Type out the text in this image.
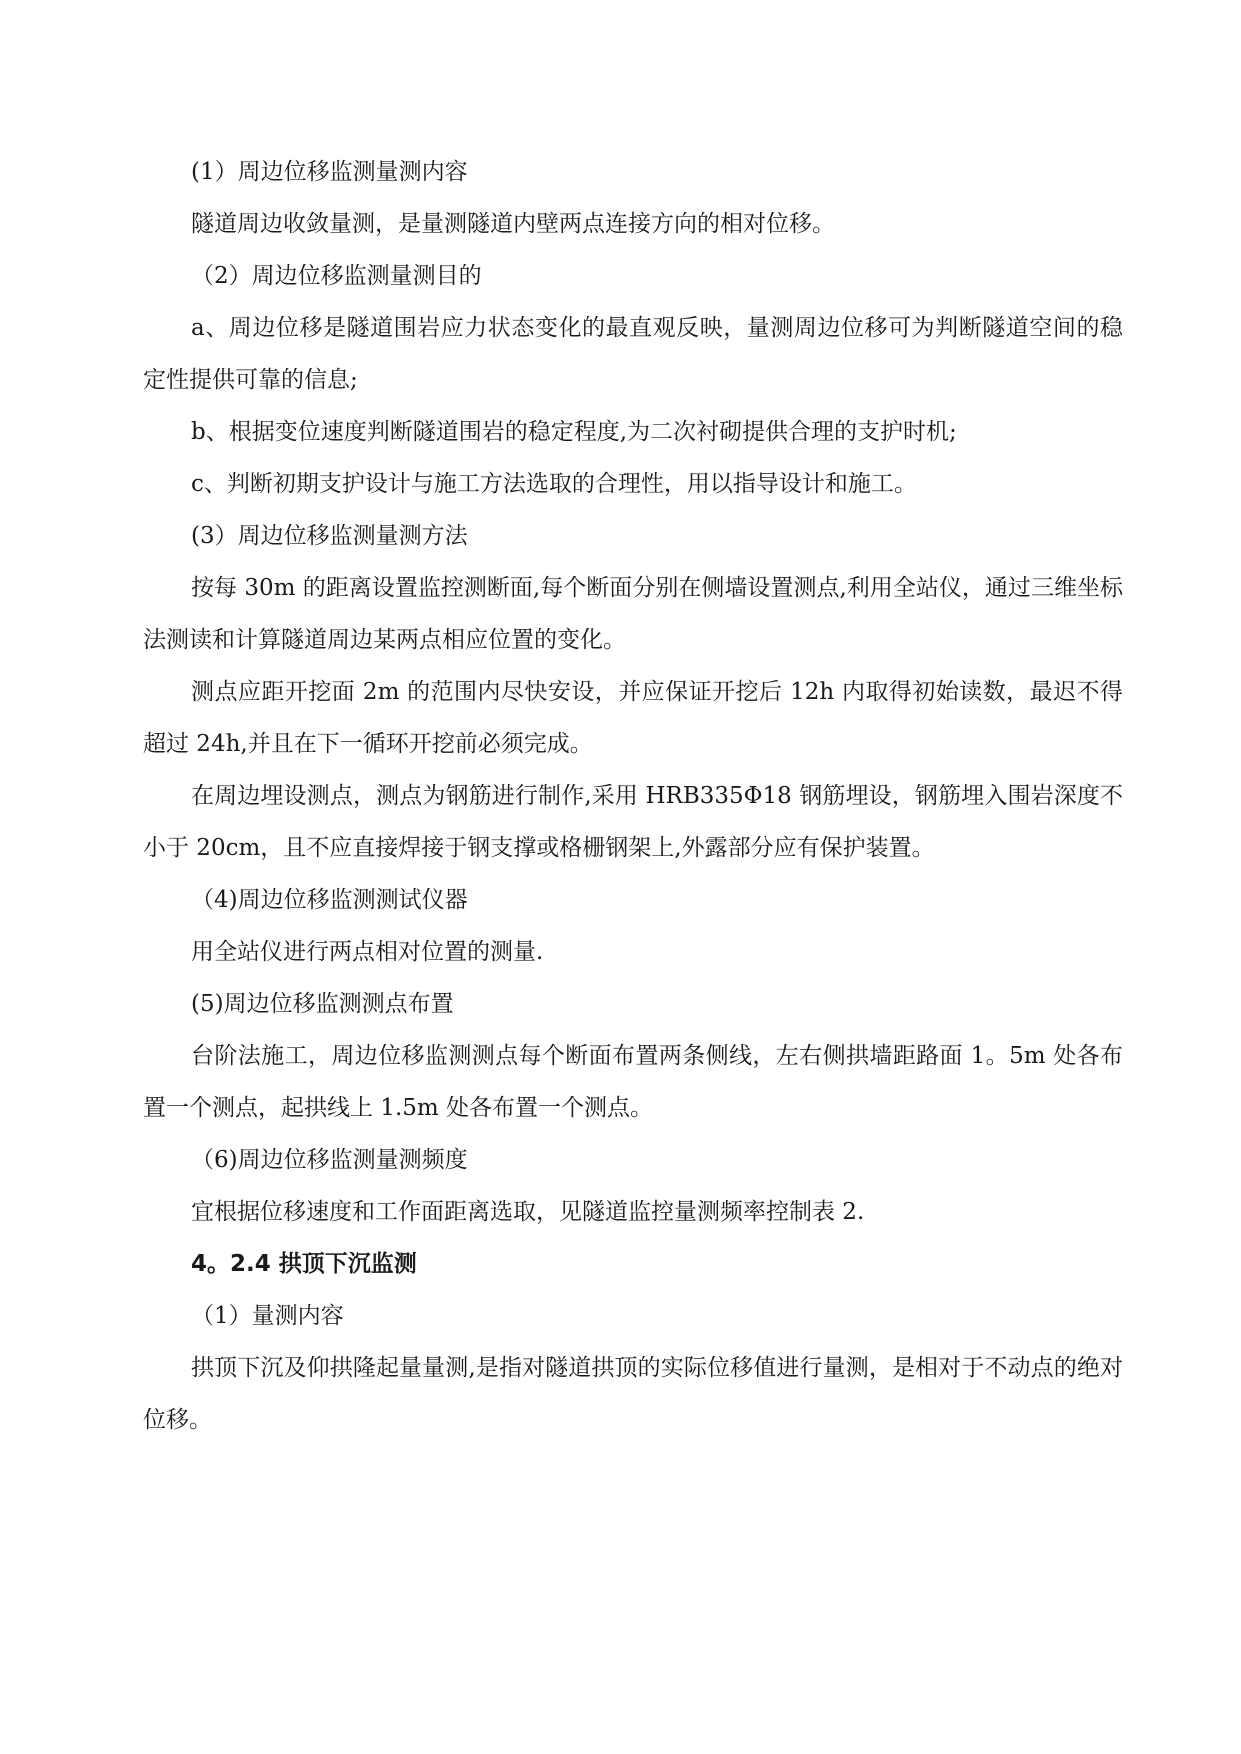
(1）周边位移监测量测内容

隧道周边收敛量测，是量测隧道内壁两点连接方向的相对位移。

（2）周边位移监测量测目的

a、周边位移是隧道围岩应力状态变化的最直观反映，量测周边位移可为判断隧道空间的稳定性提供可靠的信息;

b、根据变位速度判断隧道围岩的稳定程度,为二次衬砌提供合理的支护时机;

c、判断初期支护设计与施工方法选取的合理性，用以指导设计和施工。

(3）周边位移监测量测方法

按每 30m 的距离设置监控测断面,每个断面分别在侧墙设置测点,利用全站仪，通过三维坐标法测读和计算隧道周边某两点相应位置的变化。

测点应距开挖面 2m 的范围内尽快安设，并应保证开挖后 12h 内取得初始读数，最迟不得超过 24h,并且在下一循环开挖前必须完成。

在周边埋设测点，测点为钢筋进行制作,采用 HRB335Φ18 钢筋埋设，钢筋埋入围岩深度不小于 20cm，且不应直接焊接于钢支撑或格栅钢架上,外露部分应有保护装置。

（4)周边位移监测测试仪器

用全站仪进行两点相对位置的测量.

(5)周边位移监测测点布置

台阶法施工，周边位移监测测点每个断面布置两条侧线，左右侧拱墙距路面 1。5m 处各布置一个测点，起拱线上 1.5m 处各布置一个测点。

（6)周边位移监测量测频度

宜根据位移速度和工作面距离选取，见隧道监控量测频率控制表 2.

4。2.4 拱顶下沉监测

（1）量测内容

拱顶下沉及仰拱隆起量量测,是指对隧道拱顶的实际位移值进行量测，是相对于不动点的绝对位移。
